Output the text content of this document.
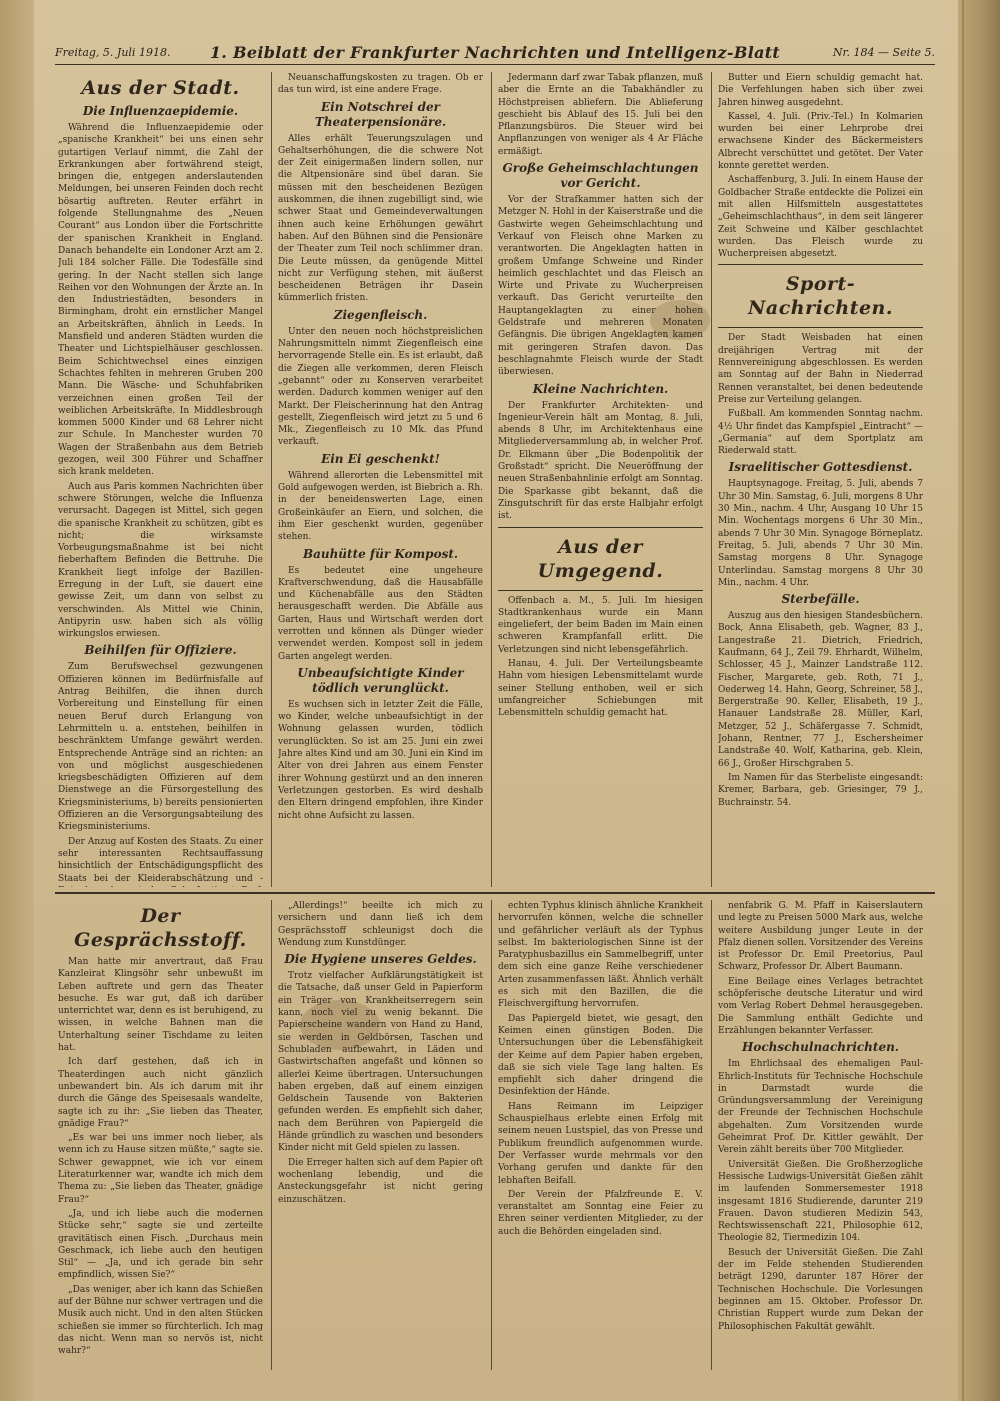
Freitag, 5. Juli 1918.	1. Beiblatt der Frankfurter Nachrichten und Intelligenz-Blatt	Nr. 184 — Seite 5.
Aus der Stadt.
Die Influenzaepidemie.

Während die Influenzaepidemie oder „spanische Krankheit“ bei uns einen sehr gutartigen Verlauf nimmt, die Zahl der Erkrankungen aber fortwährend steigt, bringen die, entgegen anderslautenden Meldungen, bei unseren Feinden doch recht bösartig auftreten. Reuter erfährt in folgende Stellungnahme des „Neuen Courant“ aus London über die Fortschritte der spanischen Krankheit in England. Danach behandelte ein Londoner Arzt am 2. Juli 184 solcher Fälle. Die Todesfälle sind gering. In der Nacht stellen sich lange Reihen vor den Wohnungen der Ärzte an. In den Industriestädten, besonders in Birmingham, droht ein ernstlicher Mangel an Arbeitskräften, ähnlich in Leeds. In Mansfield und anderen Städten wurden die Theater und Lichtspielhäuser geschlossen. Beim Schichtwechsel eines einzigen Schachtes fehlten in mehreren Gruben 200 Mann. Die Wäsche- und Schuhfabriken verzeichnen einen großen Teil der weiblichen Arbeitskräfte. In Middlesbrough kommen 5000 Kinder und 68 Lehrer nicht zur Schule. In Manchester wurden 70 Wagen der Straßenbahn aus dem Betrieb gezogen, weil 300 Führer und Schaffner sich krank meldeten.

Auch aus Paris kommen Nachrichten über schwere Störungen, welche die Influenza verursacht. Dagegen ist Mittel, sich gegen die spanische Krankheit zu schützen, gibt es nicht; die wirksamste Vorbeugungsmaßnahme ist bei nicht fieberhaftem Befinden die Bettruhe. Die Krankheit liegt infolge der Bazillen-Erregung in der Luft, sie dauert eine gewisse Zeit, um dann von selbst zu verschwinden. Als Mittel wie Chinin, Antipyrin usw. haben sich als völlig wirkungslos erwiesen.

Beihilfen für Offiziere.

Zum Berufswechsel gezwungenen Offizieren können im Bedürfnisfalle auf Antrag Beihilfen, die ihnen durch Vorbereitung und Einstellung für einen neuen Beruf durch Erlangung von Lehrmitteln u. a. entstehen, beihilfen in beschränktem Umfange gewährt werden. Entsprechende Anträge sind an richten: an von und möglichst ausgeschiedenen kriegsbeschädigten Offizieren auf dem Dienstwege an die Fürsorgestellung des Kriegsministeriums, b) bereits pensionierten Offizieren an die Versorgungsabteilung des Kriegsministeriums.

Der Anzug auf Kosten des Staats. Zu einer sehr interessanten Rechtsauffassung hinsichtlich der Entschädigungspflicht des Staats bei der Kleiderabschätzung und -

Neuanschaffungskosten zu tragen. Ob er das tun wird, ist eine andere Frage.

Ein Notschrei der Theaterpensionäre.

Alles erhält Teuerungszulagen und Gehaltserhöhungen, die die schwere Not der Zeit einigermaßen lindern sollen, nur die Altpensionäre sind übel daran. Sie müssen mit den bescheidenen Bezügen auskommen, die ihnen zugebilligt sind, wie schwer Staat und Gemeindeverwaltungen ihnen auch keine Erhöhungen gewährt haben. Auf den Bühnen sind die Pensionäre der Theater zum Teil noch schlimmer dran. Die Leute müssen, da genügende Mittel nicht zur Verfügung stehen, mit äußerst bescheidenen Beträgen ihr Dasein kümmerlich fristen.

Ziegenfleisch.

Unter den neuen noch höchstpreislichen Nahrungsmitteln nimmt Ziegenfleisch eine hervorragende Stelle ein. Es ist erlaubt, daß die Ziegen alle verkommen, deren Fleisch „gebannt“ oder zu Konserven verarbeitet werden. Dadurch kommen weniger auf den Markt. Der Fleischerinnung hat den Antrag gestellt, Ziegenfleisch wird jetzt zu 5 und 6 Mk., Ziegenfleisch zu 10 Mk. das Pfund verkauft.

Ein Ei geschenkt!

Während allerorten die Lebensmittel mit Gold aufgewogen werden, ist Biebrich a. Rh. in der beneidenswerten Lage, einen Großeinkäufer an Eiern, und solchen, die ihm Eier geschenkt wurden, gegenüber stehen.

Bauhütte für Kompost.

Es bedeutet eine ungeheure Kraftverschwendung, daß die Hausabfälle und Küchenabfälle aus den Städten herausgeschafft werden. Die Abfälle aus Garten, Haus und Wirtschaft werden dort verrotten und können als Dünger wieder verwendet werden. Kompost soll in jedem Garten angelegt werden.

Unbeaufsichtigte Kinder tödlich verunglückt.

Es wuchsen sich in letzter Zeit die Fälle, wo Kinder, welche unbeaufsichtigt in der Wohnung gelassen wurden, tödlich verunglückten. So ist am 25. Juni ein zwei Jahre altes Kind und am 30. Juni ein Kind im Alter von drei Jahren aus einem Fenster ihrer Wohnung gestürzt und an den inneren Verletzungen gestorben. Es wird deshalb den Eltern dringend empfohlen, ihre Kinder nicht ohne Aufsicht zu lassen.

Jedermann darf zwar Tabak pflanzen, muß aber die Ernte an die Tabakhändler zu Höchstpreisen abliefern. Die Ablieferung geschieht bis Ablauf des 15. Juli bei den Pflanzungsbüros. Die Steuer wird bei Anpflanzungen von weniger als 4 Ar Fläche ermäßigt.

Große Geheimschlachtungen vor Gericht.

Vor der Strafkammer hatten sich der Metzger N. Hohl in der Kaiserstraße und die Gastwirte wegen Geheimschlachtung und Verkauf von Fleisch ohne Marken zu verantworten. Die Angeklagten hatten in großem Umfange Schweine und Rinder heimlich geschlachtet und das Fleisch an Wirte und Private zu Wucherpreisen verkauft. Das Gericht verurteilte den Hauptangeklagten zu einer hohen Geldstrafe und mehreren Monaten Gefängnis. Die übrigen Angeklagten kamen mit geringeren Strafen davon. Das beschlagnahmte Fleisch wurde der Stadt überwiesen.

Kleine Nachrichten.

Der Frankfurter Architekten- und Ingenieur-Verein hält am Montag, 8. Juli, abends 8 Uhr, im Architektenhaus eine Mitgliederversammlung ab, in welcher Prof. Dr. Elkmann über „Die Bodenpolitik der Großstadt“ spricht. Die Neueröffnung der neuen Straßenbahnlinie erfolgt am Sonntag. Die Sparkasse gibt bekannt, daß die Zinsgutschrift für das erste Halbjahr erfolgt ist.

Aus der Umgegend.

Offenbach a. M., 5. Juli. Im hiesigen Stadtkrankenhaus wurde ein Mann eingeliefert, der beim Baden im Main einen schweren Krampfanfall erlitt. Die Verletzungen sind nicht lebensgefährlich.

Hanau, 4. Juli. Der Verteilungsbeamte Hahn vom hiesigen Lebensmittelamt wurde seiner Stellung enthoben, weil er sich umfangreicher Schiebungen mit Lebensmitteln schuldig gemacht hat.

Butter und Eiern schuldig gemacht hat. Die Verfehlungen haben sich über zwei Jahren hinweg ausgedehnt.

Kassel, 4. Juli. (Priv.-Tel.) In Kolmarien wurden bei einer Lehrprobe drei erwachsene Kinder des Bäckermeisters Albrecht verschüttet und getötet. Der Vater konnte gerettet werden.

Aschaffenburg, 3. Juli. In einem Hause der Goldbacher Straße entdeckte die Polizei ein mit allen Hilfsmitteln ausgestattetes „Geheimschlachthaus“, in dem seit längerer Zeit Schweine und Kälber geschlachtet wurden. Das Fleisch wurde zu Wucherpreisen abgesetzt.

Sport-Nachrichten.

Der Stadt Weisbaden hat einen dreijährigen Vertrag mit der Rennvereinigung abgeschlossen. Es werden am Sonntag auf der Bahn in Niederrad Rennen veranstaltet, bei denen bedeutende Preise zur Verteilung gelangen.

Fußball. Am kommenden Sonntag nachm. 4½ Uhr findet das Kampfspiel „Eintracht“ — „Germania“ auf dem Sportplatz am Riederwald statt.

Israelitischer Gottesdienst.

Hauptsynagoge. Freitag, 5. Juli, abends 7 Uhr 30 Min. Samstag, 6. Juli, morgens 8 Uhr 30 Min., nachm. 4 Uhr, Ausgang 10 Uhr 15 Min. Wochentags morgens 6 Uhr 30 Min., abends 7 Uhr 30 Min. Synagoge Börneplatz. Freitag, 5. Juli, abends 7 Uhr 30 Min. Samstag morgens 8 Uhr. Synagoge Unterlindau. Samstag morgens 8 Uhr 30 Min., nachm. 4 Uhr.

Sterbefälle.

Auszug aus den hiesigen Standesbüchern. Bock, Anna Elisabeth, geb. Wagner, 83 J., Langestraße 21. Dietrich, Friedrich, Kaufmann, 64 J., Zeil 79. Ehrhardt, Wilhelm, Schlosser, 45 J., Mainzer Landstraße 112. Fischer, Margarete, geb. Roth, 71 J., Oederweg 14. Hahn, Georg, Schreiner, 58 J., Bergerstraße 90. Keller, Elisabeth, 19 J., Hanauer Landstraße 28. Müller, Karl, Metzger, 52 J., Schäfergasse 7. Schmidt, Johann, Rentner, 77 J., Eschersheimer Landstraße 40. Wolf, Katharina, geb. Klein, 66 J., Großer Hirschgraben 5.

Im Namen für das Sterbeliste eingesandt: Kremer, Barbara, geb. Griesinger, 79 J., Buchrainstr. 54.

Der Gesprächsstoff.

Man hatte mir anvertraut, daß Frau Kanzleirat Klingsöhr sehr unbewußt im Leben auftrete und gern das Theater besuche. Es war gut, daß ich darüber unterrichtet war, denn es ist beruhigend, zu wissen, in welche Bahnen man die Unterhaltung seiner Tischdame zu leiten hat.

Ich darf gestehen, daß ich in Theaterdingen auch nicht gänzlich unbewandert bin. Als ich darum mit ihr durch die Gänge des Speisesaals wandelte, sagte ich zu ihr: „Sie lieben das Theater, gnädige Frau?“

„Es war bei uns immer noch lieber, als wenn ich zu Hause sitzen müßte,“ sagte sie. Schwer gewappnet, wie ich vor einem Literaturkenner war, wandte ich mich dem Thema zu: „Sie lieben das Theater, gnädige Frau?“

„Ja, und ich liebe auch die modernen Stücke sehr,“ sagte sie und zerteilte gravitätisch einen Fisch. „Durchaus mein Geschmack, ich liebe auch den heutigen Stil“ — „Ja, und ich gerade bin sehr empfindlich, wissen Sie?“

„Das weniger, aber ich kann das Schießen auf der Bühne nur schwer vertragen und die Musik auch nicht. Und in den alten Stücken schießen sie immer so fürchterlich. Ich mag das nicht. Wenn man so nervös ist, nicht wahr?“

„Allerdings!“ beeilte ich mich zu versichern und dann ließ ich dem Gesprächsstoff schleunigst doch die Wendung zum Kunstdünger.

Die Hygiene unseres Geldes.

Trotz vielfacher Aufklärungstätigkeit ist die Tatsache, daß unser Geld in Papierform ein Träger von Krankheitserregern sein kann, noch viel zu wenig bekannt. Die Papierscheine wandern von Hand zu Hand, sie werden in Geldbörsen, Taschen und Schubladen aufbewahrt, in Läden und Gastwirtschaften angefaßt und können so allerlei Keime übertragen. Untersuchungen haben ergeben, daß auf einem einzigen Geldschein Tausende von Bakterien gefunden werden. Es empfiehlt sich daher, nach dem Berühren von Papiergeld die Hände gründlich zu waschen und besonders Kinder nicht mit Geld spielen zu lassen.

Die Erreger halten sich auf dem Papier oft wochenlang lebendig, und die Ansteckungsgefahr ist nicht gering einzuschätzen.

echten Typhus klinisch ähnliche Krankheit hervorrufen können, welche die schneller und gefährlicher verläuft als der Typhus selbst. Im bakteriologischen Sinne ist der Paratyphusbazillus ein Sammelbegriff, unter dem sich eine ganze Reihe verschiedener Arten zusammenfassen läßt. Ähnlich verhält es sich mit den Bazillen, die die Fleischvergiftung hervorrufen.

Das Papiergeld bietet, wie gesagt, den Keimen einen günstigen Boden. Die Untersuchungen über die Lebensfähigkeit der Keime auf dem Papier haben ergeben, daß sie sich viele Tage lang halten. Es empfiehlt sich daher dringend die Desinfektion der Hände.

Hans Reimann im Leipziger Schauspielhaus erlebte einen Erfolg mit seinem neuen Lustspiel, das von Presse und Publikum freundlich aufgenommen wurde. Der Verfasser wurde mehrmals vor den Vorhang gerufen und dankte für den lebhaften Beifall.

Der Verein der Pfalzfreunde E. V. veranstaltet am Sonntag eine Feier zu Ehren seiner verdienten Mitglieder, zu der auch die Behörden eingeladen sind.

nenfabrik G. M. Pfaff in Kaiserslautern und legte zu Preisen 5000 Mark aus, welche weitere Ausbildung junger Leute in der Pfalz dienen sollen. Vorsitzender des Vereins ist Professor Dr. Emil Preetorius, Paul Schwarz, Professor Dr. Albert Baumann.

Eine Beilage eines Verlages betrachtet schöpferische deutsche Literatur und wird vom Verlag Robert Dehmel herausgegeben. Die Sammlung enthält Gedichte und Erzählungen bekannter Verfasser.

Hochschulnachrichten.

Im Ehrlichsaal des ehemaligen Paul-Ehrlich-Instituts für Technische Hochschule in Darmstadt wurde die Gründungsversammlung der Vereinigung der Freunde der Technischen Hochschule abgehalten. Zum Vorsitzenden wurde Geheimrat Prof. Dr. Kittler gewählt. Der Verein zählt bereits über 700 Mitglieder.

Universität Gießen. Die Großherzogliche Hessische Ludwigs-Universität Gießen zählt im laufenden Sommersemester 1918 insgesamt 1816 Studierende, darunter 219 Frauen. Davon studieren Medizin 543, Rechtswissenschaft 221, Philosophie 612, Theologie 82, Tiermedizin 104.

Besuch der Universität Gießen. Die Zahl der im Felde stehenden Studierenden beträgt 1290, darunter 187 Hörer der Technischen Hochschule. Die Vorlesungen beginnen am 15. Oktober. Professor Dr. Christian Ruppert wurde zum Dekan der Philosophischen Fakultät gewählt.
